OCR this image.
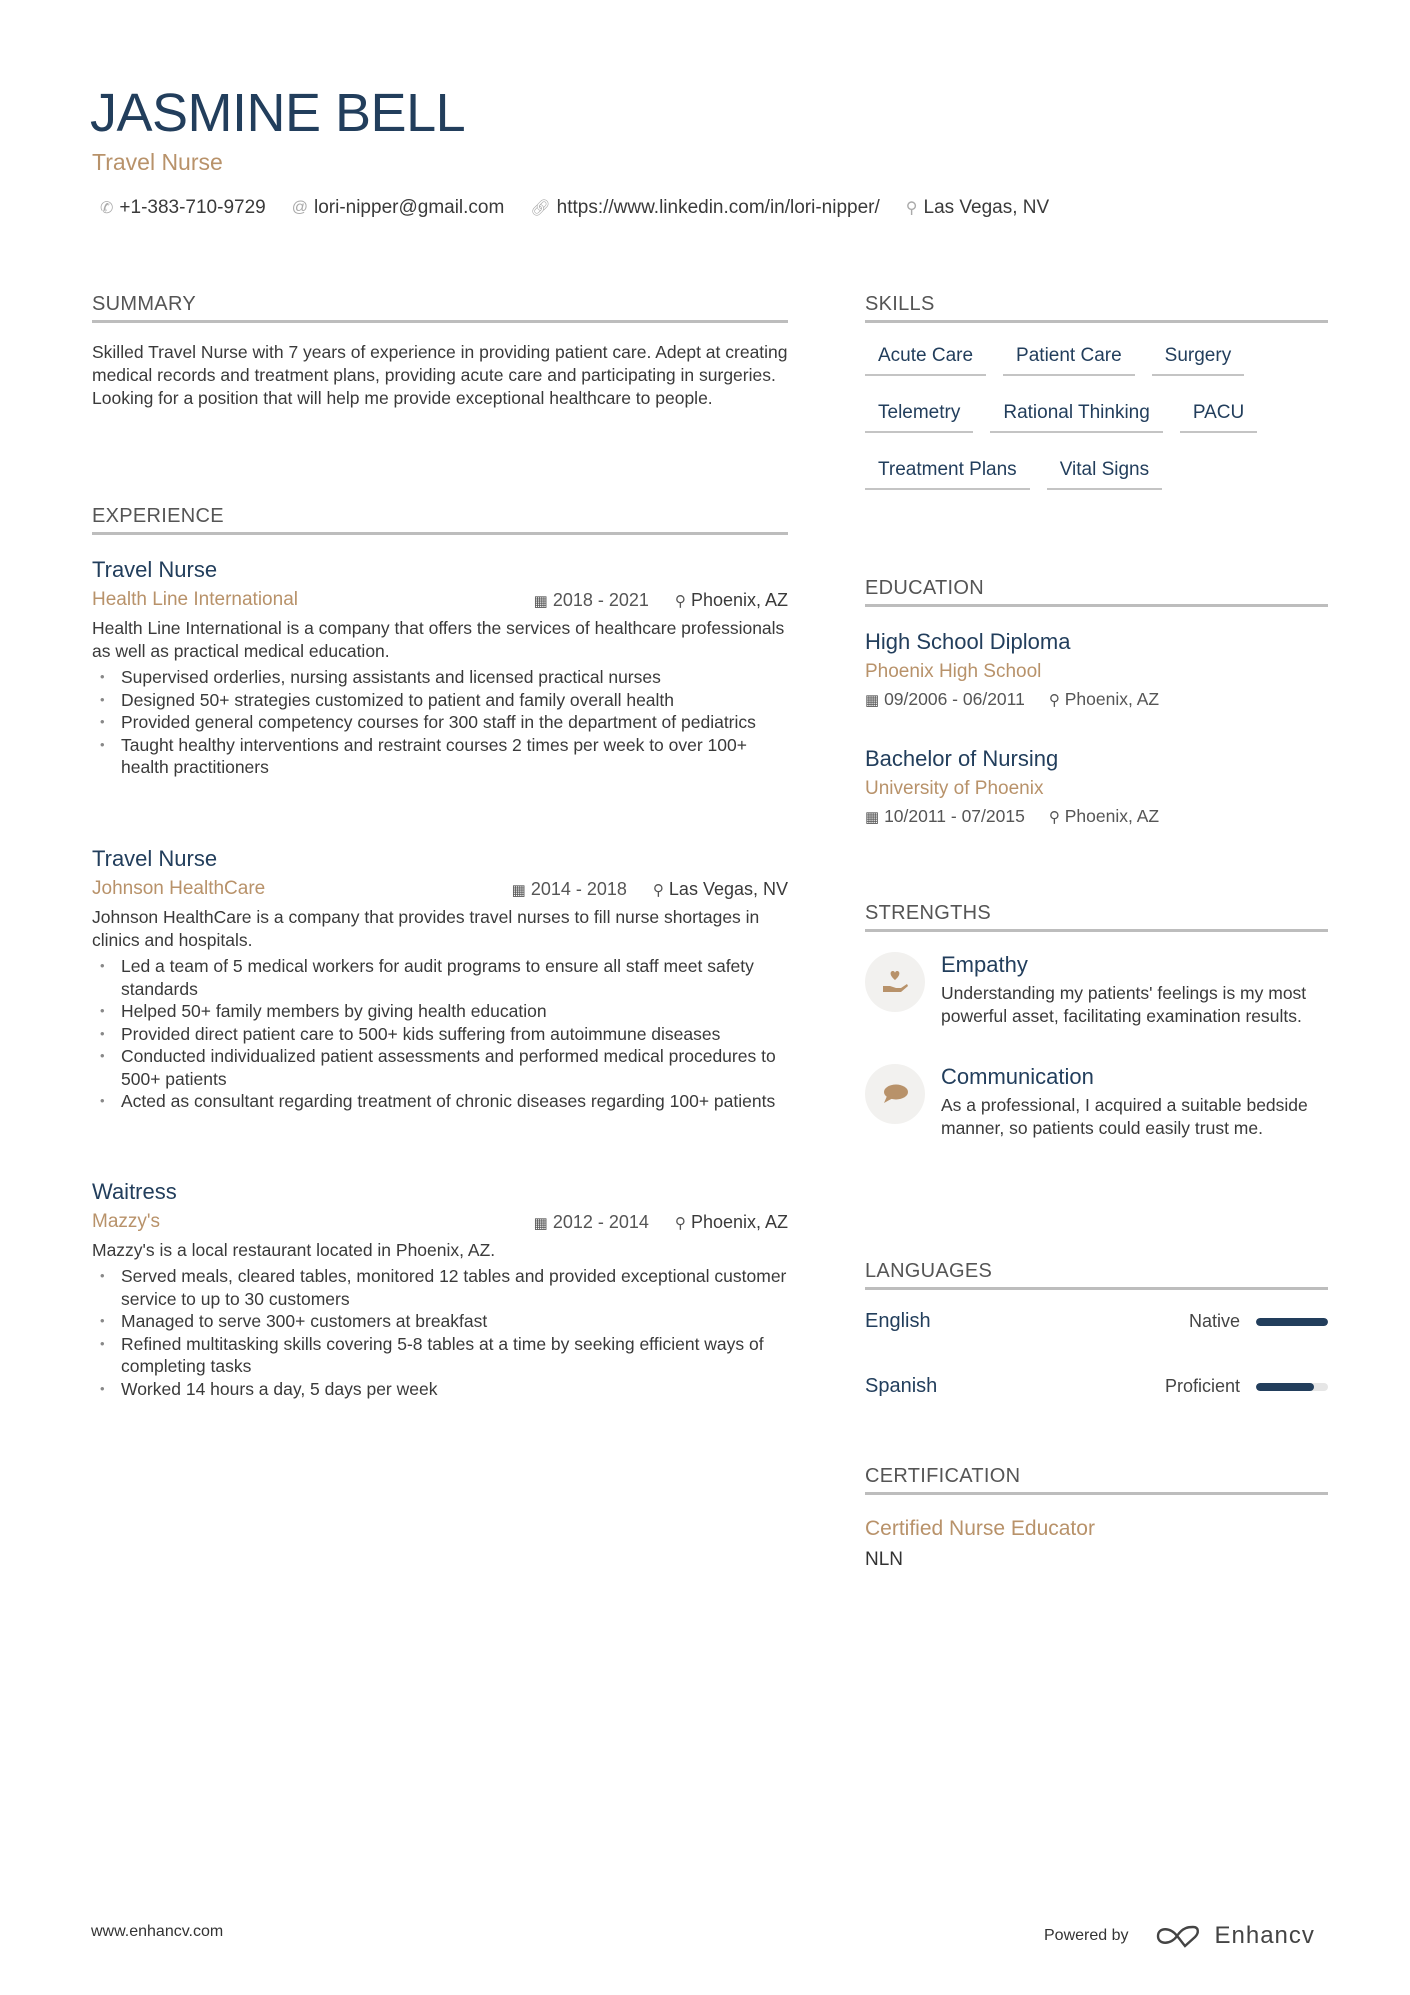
JASMINE BELL
Travel Nurse
✆ +1-383-710-9729 @ lori-nipper@gmail.com 🔗︎ https://www.linkedin.com/in/lori-nipper/ ⚲ Las Vegas, NV
SUMMARY

Skilled Travel Nurse with 7 years of experience in providing patient care. Adept at creating medical records and treatment plans, providing acute care and participating in surgeries. Looking for a position that will help me provide exceptional healthcare to people.

EXPERIENCE
Travel Nurse
Health Line International	▦ 2018 - 2021 ⚲ Phoenix, AZ

Health Line International is a company that offers the services of healthcare professionals as well as practical medical education.

• Supervised orderlies, nursing assistants and licensed practical nurses
• Designed 50+ strategies customized to patient and family overall health
• Provided general competency courses for 300 staff in the department of pediatrics
• Taught healthy interventions and restraint courses 2 times per week to over 100+ health practitioners
Travel Nurse
Johnson HealthCare	▦ 2014 - 2018 ⚲ Las Vegas, NV

Johnson HealthCare is a company that provides travel nurses to fill nurse shortages in clinics and hospitals.

• Led a team of 5 medical workers for audit programs to ensure all staff meet safety standards
• Helped 50+ family members by giving health education
• Provided direct patient care to 500+ kids suffering from autoimmune diseases
• Conducted individualized patient assessments and performed medical procedures to 500+ patients
• Acted as consultant regarding treatment of chronic diseases regarding 100+ patients
Waitress
Mazzy's	▦ 2012 - 2014 ⚲ Phoenix, AZ

Mazzy's is a local restaurant located in Phoenix, AZ.

• Served meals, cleared tables, monitored 12 tables and provided exceptional customer service to up to 30 customers
• Managed to serve 300+ customers at breakfast
• Refined multitasking skills covering 5-8 tables at a time by seeking efficient ways of completing tasks
• Worked 14 hours a day, 5 days per week
SKILLS
Acute Care	Patient Care	Surgery
Telemetry	Rational Thinking	PACU
Treatment Plans	Vital Signs
EDUCATION
High School Diploma
Phoenix High School
▦ 09/2006 - 06/2011 ⚲ Phoenix, AZ
Bachelor of Nursing
University of Phoenix
▦ 10/2011 - 07/2015 ⚲ Phoenix, AZ
STRENGTHS
Empathy

Understanding my patients' feelings is my most powerful asset, facilitating examination results.

Communication

As a professional, I acquired a suitable bedside manner, so patients could easily trust me.

LANGUAGES
English	Native
Spanish	Proficient
CERTIFICATION
Certified Nurse Educator
NLN
www.enhancv.com	Powered by	Enhancv
